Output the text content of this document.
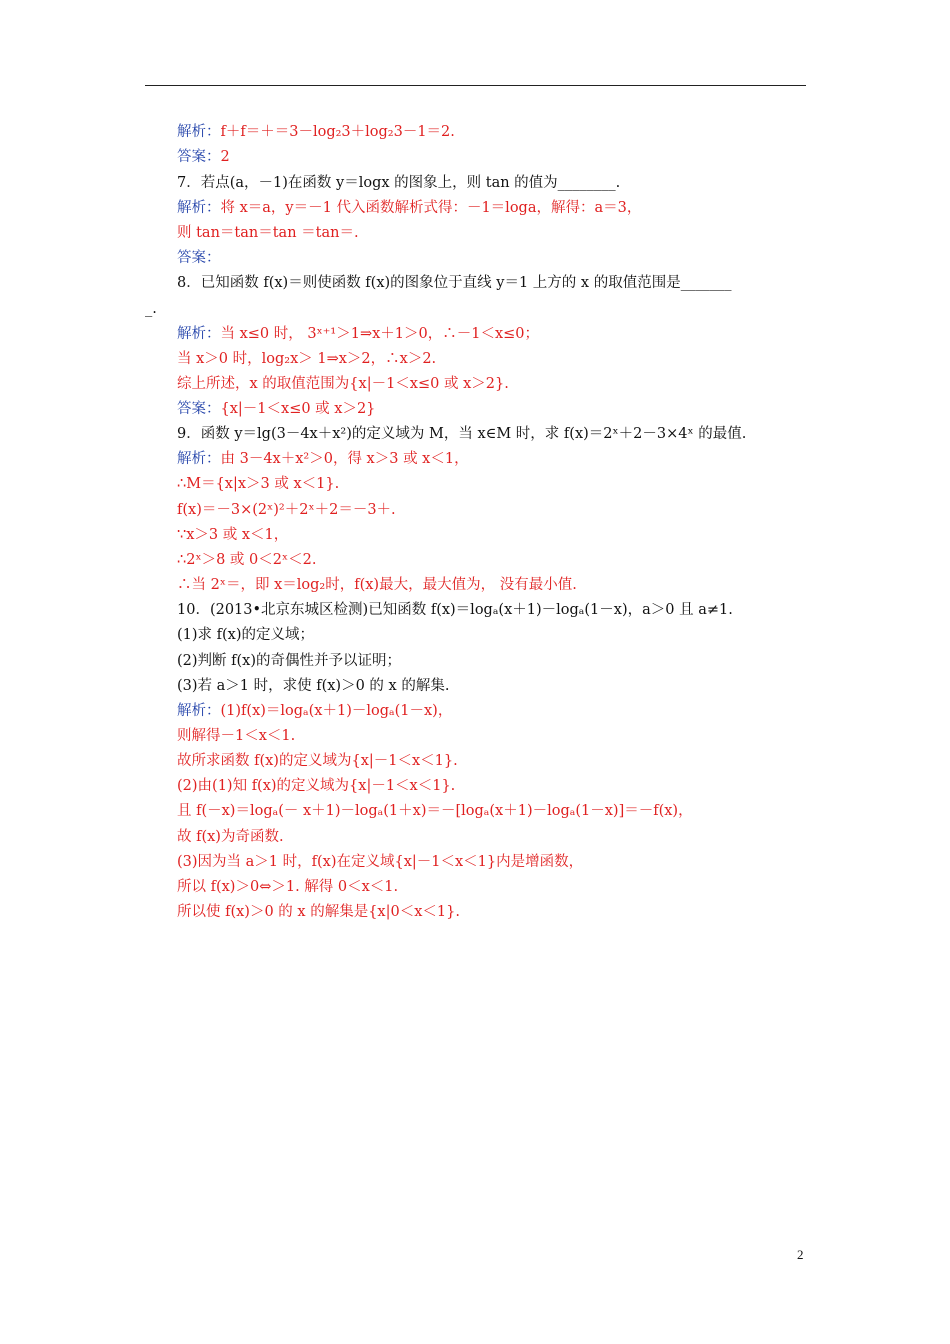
解析：f＋f＝＋＝3－log₂3＋log₂3－1＝2.
答案：2
7．若点(a，－1)在函数 y＝logx 的图象上，则 tan 的值为________.
解析：将 x＝a，y＝－1 代入函数解析式得：－1＝loga，解得：a＝3，
则 tan＝tan＝tan ＝tan＝.
答案：
8．已知函数 f(x)＝则使函数 f(x)的图象位于直线 y＝1 上方的 x 的取值范围是_______
_.
解析：当 x≤0 时， 3ˣ⁺¹＞1⇒x＋1＞0，∴－1＜x≤0；
当 x＞0 时，log₂x＞ 1⇒x＞2，∴x＞2.
综上所述，x 的取值范围为{x|－1＜x≤0 或 x＞2}.
答案：{x|－1＜x≤0 或 x＞2}
9．函数 y＝lg(3－4x＋x²)的定义域为 M，当 x∈M 时，求 f(x)＝2ˣ＋2－3×4ˣ 的最值.
解析：由 3－4x＋x²＞0，得 x＞3 或 x＜1，
∴M＝{x|x＞3 或 x＜1}.
f(x)＝－3×(2ˣ)²＋2ˣ＋2＝－3＋.
∵x＞3 或 x＜1，
∴2ˣ＞8 或 0＜2ˣ＜2.
∴当 2ˣ＝，即 x＝log₂时，f(x)最大，最大值为， 没有最小值.
10．(2013•北京东城区检测)已知函数 f(x)＝logₐ(x＋1)－logₐ(1－x)，a＞0 且 a≠1.
(1)求 f(x)的定义域；
(2)判断 f(x)的奇偶性并予以证明；
(3)若 a＞1 时，求使 f(x)＞0 的 x 的解集.
解析：(1)f(x)＝logₐ(x＋1)－logₐ(1－x)，
则解得－1＜x＜1.
故所求函数 f(x)的定义域为{x|－1＜x＜1}.
(2)由(1)知 f(x)的定义域为{x|－1＜x＜1}.
且 f(－x)＝logₐ(－ x＋1)－logₐ(1＋x)＝－[logₐ(x＋1)－logₐ(1－x)]＝－f(x)，
故 f(x)为奇函数.
(3)因为当 a＞1 时，f(x)在定义域{x|－1＜x＜1}内是增函数，
所以 f(x)＞0⇔＞1. 解得 0＜x＜1.
所以使 f(x)＞0 的 x 的解集是{x|0＜x＜1}.
2
